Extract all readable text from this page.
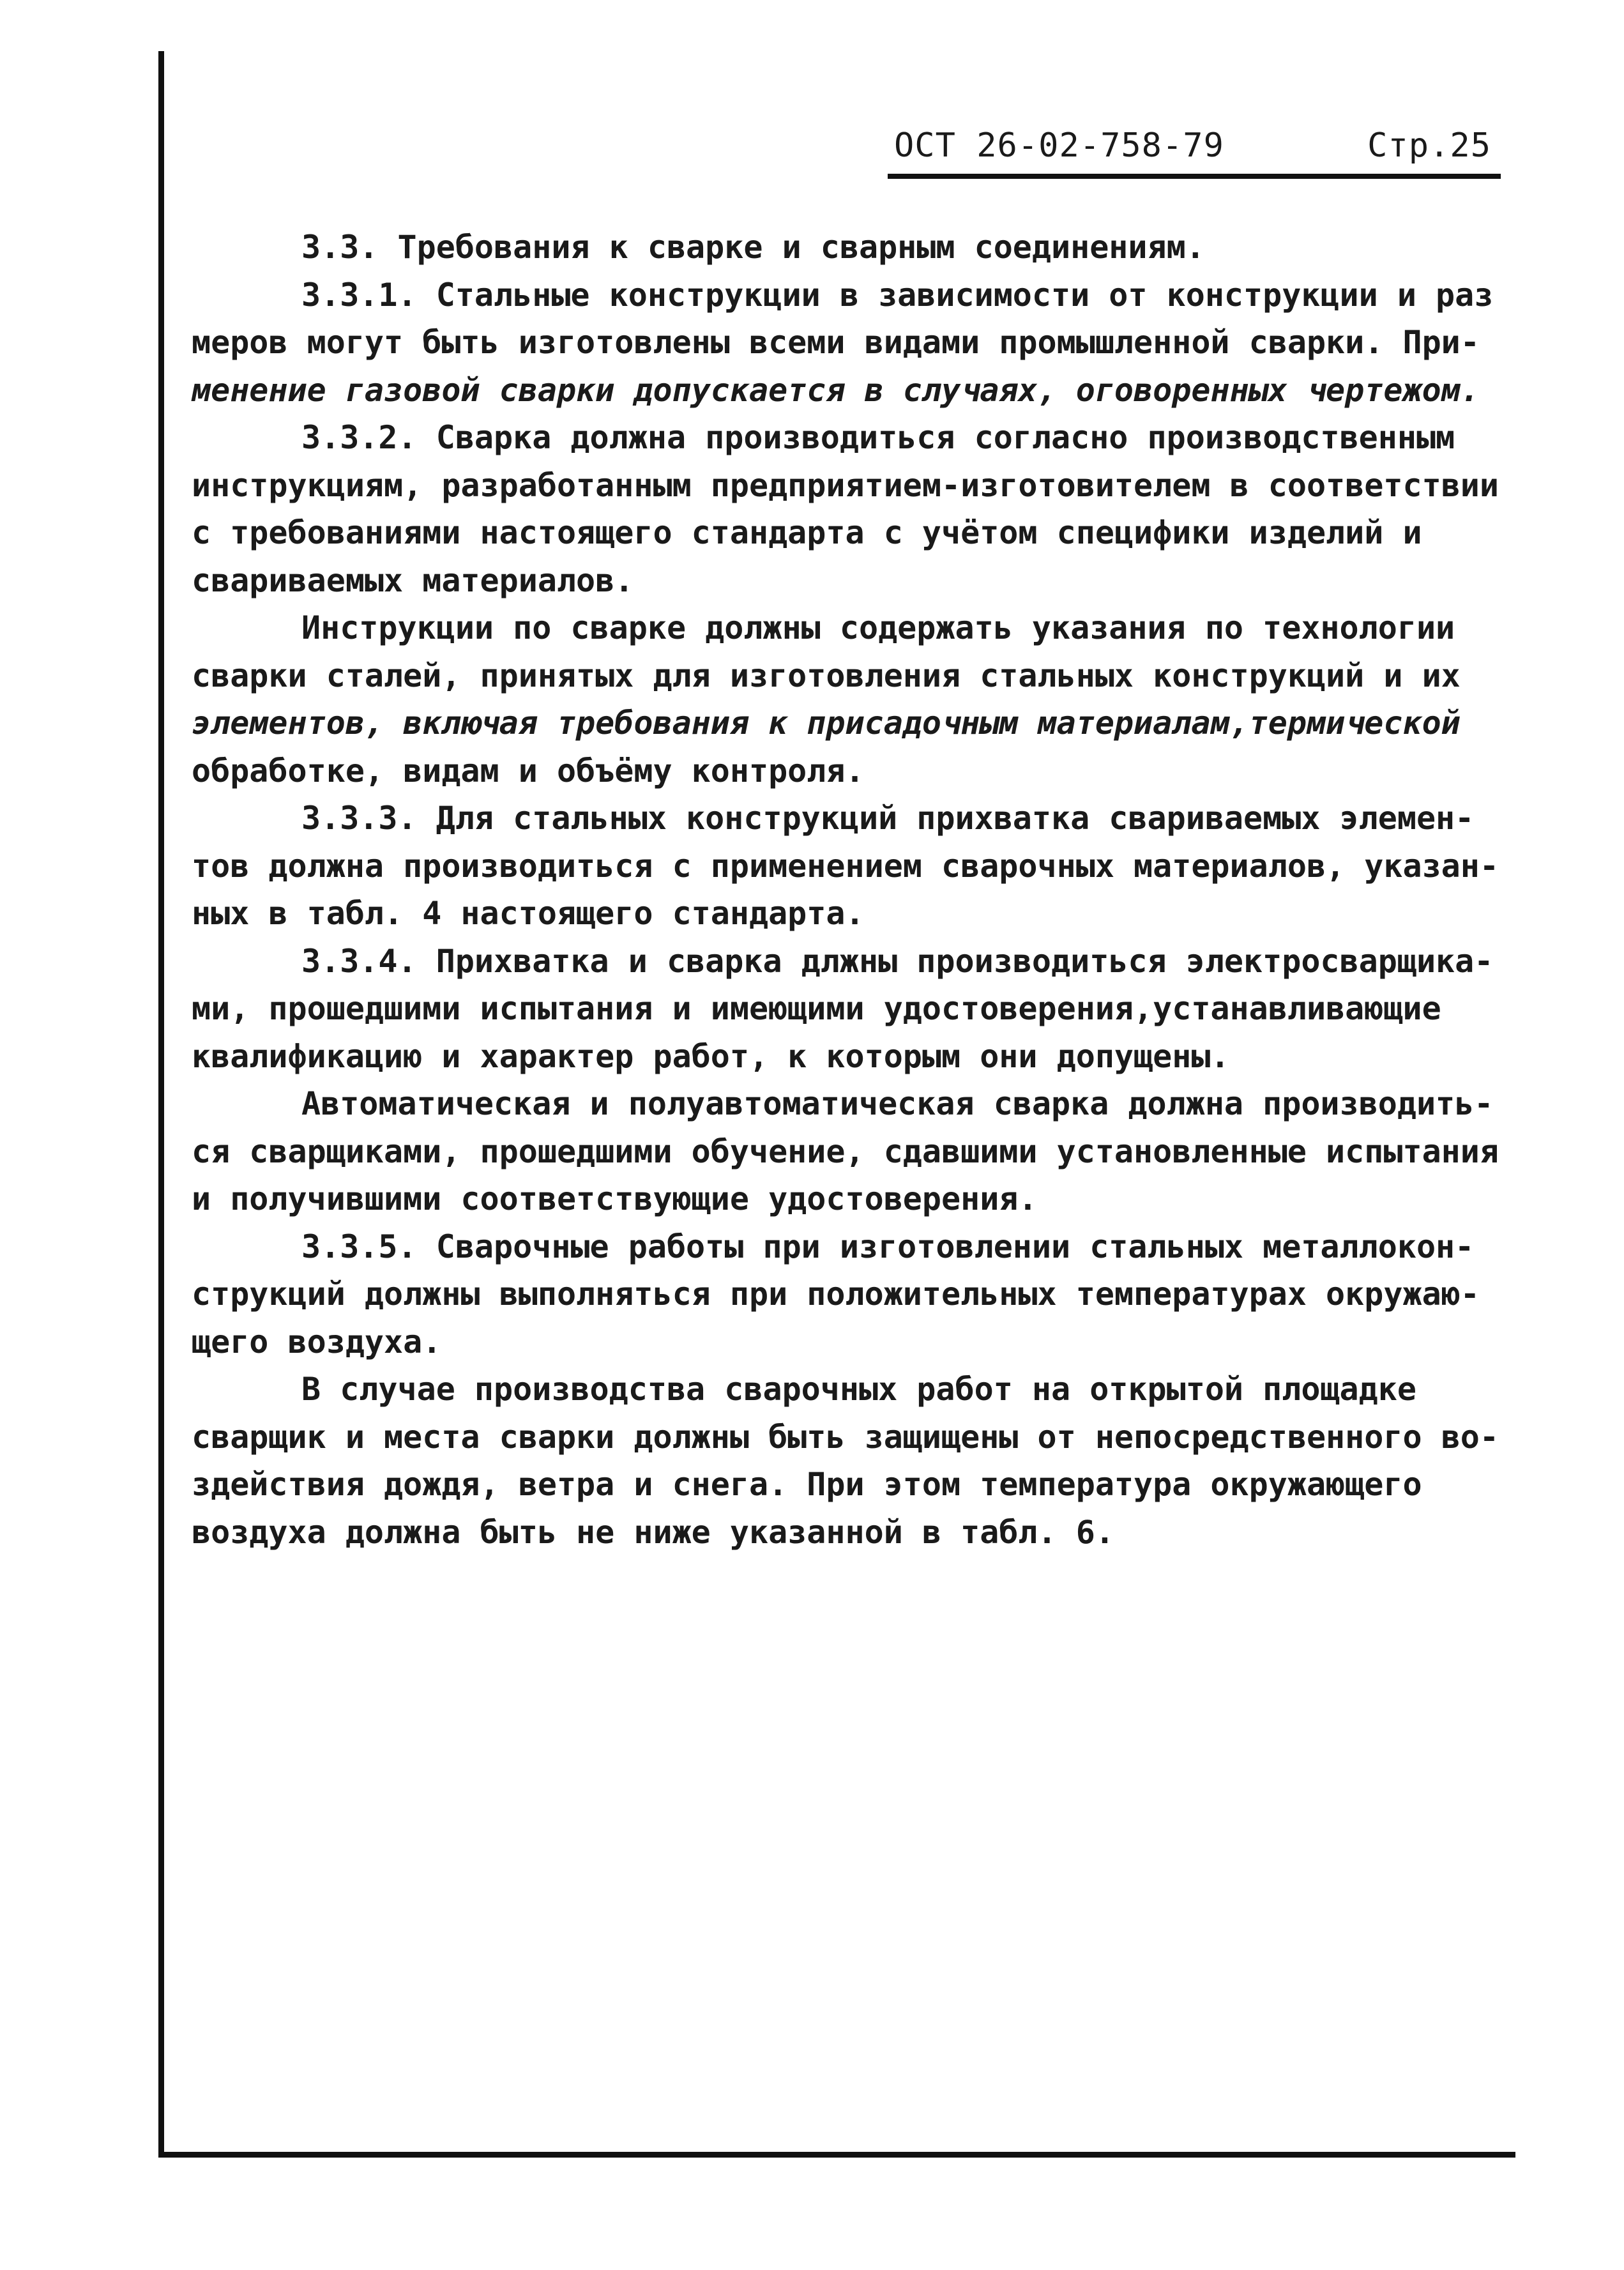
ОСТ 26-02-758-79	Стр.25
3.3. Требования к сварке и сварным соединениям.
3.3.1. Стальные конструкции в зависимости от конструкции и раз
меров могут быть изготовлены всеми видами промышленной сварки. При-
менение газовой сварки допускается в случаях, оговоренных чертежом.
3.3.2. Сварка должна производиться согласно производственным
инструкциям, разработанным предприятием-изготовителем в соответствии
с требованиями настоящего стандарта с учётом специфики изделий и
свариваемых материалов.
Инструкции по сварке должны содержать указания по технологии
сварки сталей, принятых для изготовления стальных конструкций и их
элементов, включая требования к присадочным материалам,термической
обработке, видам и объёму контроля.
3.3.3. Для стальных конструкций прихватка свариваемых элемен-
тов должна производиться с применением сварочных материалов, указан-
ных в табл. 4 настоящего стандарта.
3.3.4. Прихватка и сварка длжны производиться электросварщика-
ми, прошедшими испытания и имеющими удостоверения,устанавливающие
квалификацию и характер работ, к которым они допущены.
Автоматическая и полуавтоматическая сварка должна производить-
ся сварщиками, прошедшими обучение, сдавшими установленные испытания
и получившими соответствующие удостоверения.
3.3.5. Сварочные работы при изготовлении стальных металлокон-
струкций должны выполняться при положительных температурах окружаю-
щего воздуха.
В случае производства сварочных работ на открытой площадке
сварщик и места сварки должны быть защищены от непосредственного во-
здействия дождя, ветра и снега. При этом температура окружающего
воздуха должна быть не ниже указанной в табл. 6.
